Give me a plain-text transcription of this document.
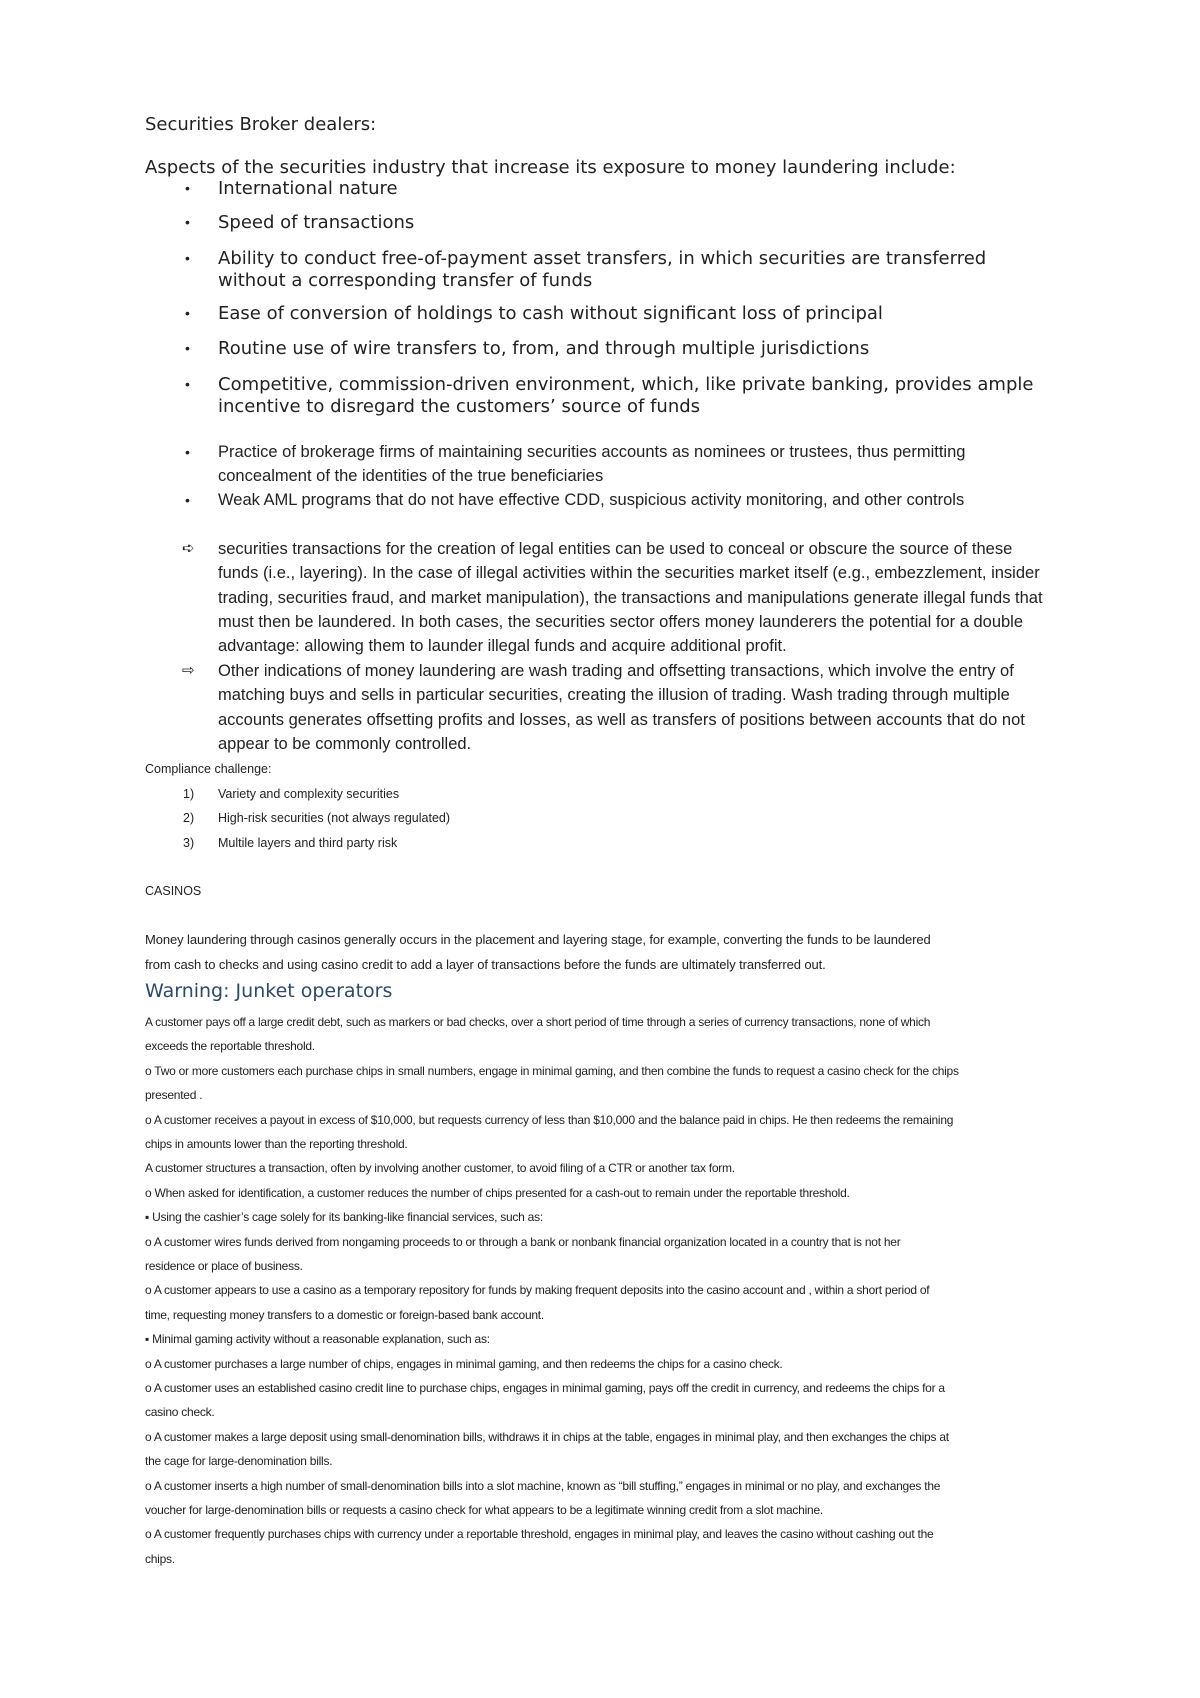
Securities Broker dealers:
Aspects of the securities industry that increase its exposure to money laundering include:
• International nature
• Speed of transactions
• Ability to conduct free-of-payment asset transfers, in which securities are transferred
without a corresponding transfer of funds
• Ease of conversion of holdings to cash without significant loss of principal
• Routine use of wire transfers to, from, and through multiple jurisdictions
• Competitive, commission-driven environment, which, like private banking, provides ample
incentive to disregard the customers’ source of funds
• Practice of brokerage firms of maintaining securities accounts as nominees or trustees, thus permitting
concealment of the identities of the true beneficiaries
• Weak AML programs that do not have effective CDD, suspicious activity monitoring, and other controls
➪ securities transactions for the creation of legal entities can be used to conceal or obscure the source of these
funds (i.e., layering). In the case of illegal activities within the securities market itself (e.g., embezzlement, insider
trading, securities fraud, and market manipulation), the transactions and manipulations generate illegal funds that
must then be laundered. In both cases, the securities sector offers money launderers the potential for a double
advantage: allowing them to launder illegal funds and acquire additional profit.
⇨ Other indications of money laundering are wash trading and offsetting transactions, which involve the entry of
matching buys and sells in particular securities, creating the illusion of trading. Wash trading through multiple
accounts generates offsetting profits and losses, as well as transfers of positions between accounts that do not
appear to be commonly controlled.
Compliance challenge:
1) Variety and complexity securities
2) High-risk securities (not always regulated)
3) Multile layers and third party risk
CASINOS
Money laundering through casinos generally occurs in the placement and layering stage, for example, converting the funds to be laundered
from cash to checks and using casino credit to add a layer of transactions before the funds are ultimately transferred out.
Warning: Junket operators
A customer pays off a large credit debt, such as markers or bad checks, over a short period of time through a series of currency transactions, none of which
exceeds the reportable threshold.
o Two or more customers each purchase chips in small numbers, engage in minimal gaming, and then combine the funds to request a casino check for the chips
presented .
o A customer receives a payout in excess of $10,000, but requests currency of less than $10,000 and the balance paid in chips. He then redeems the remaining
chips in amounts lower than the reporting threshold.
A customer structures a transaction, often by involving another customer, to avoid filing of a CTR or another tax form.
o When asked for identification, a customer reduces the number of chips presented for a cash-out to remain under the reportable threshold.
▪ Using the cashier’s cage solely for its banking-like financial services, such as:
o A customer wires funds derived from nongaming proceeds to or through a bank or nonbank financial organization located in a country that is not her
residence or place of business.
o A customer appears to use a casino as a temporary repository for funds by making frequent deposits into the casino account and , within a short period of
time, requesting money transfers to a domestic or foreign-based bank account.
▪ Minimal gaming activity without a reasonable explanation, such as:
o A customer purchases a large number of chips, engages in minimal gaming, and then redeems the chips for a casino check.
o A customer uses an established casino credit line to purchase chips, engages in minimal gaming, pays off the credit in currency, and redeems the chips for a
casino check.
o A customer makes a large deposit using small-denomination bills, withdraws it in chips at the table, engages in minimal play, and then exchanges the chips at
the cage for large-denomination bills.
o A customer inserts a high number of small-denomination bills into a slot machine, known as “bill stuffing,” engages in minimal or no play, and exchanges the
voucher for large-denomination bills or requests a casino check for what appears to be a legitimate winning credit from a slot machine.
o A customer frequently purchases chips with currency under a reportable threshold, engages in minimal play, and leaves the casino without cashing out the
chips.
